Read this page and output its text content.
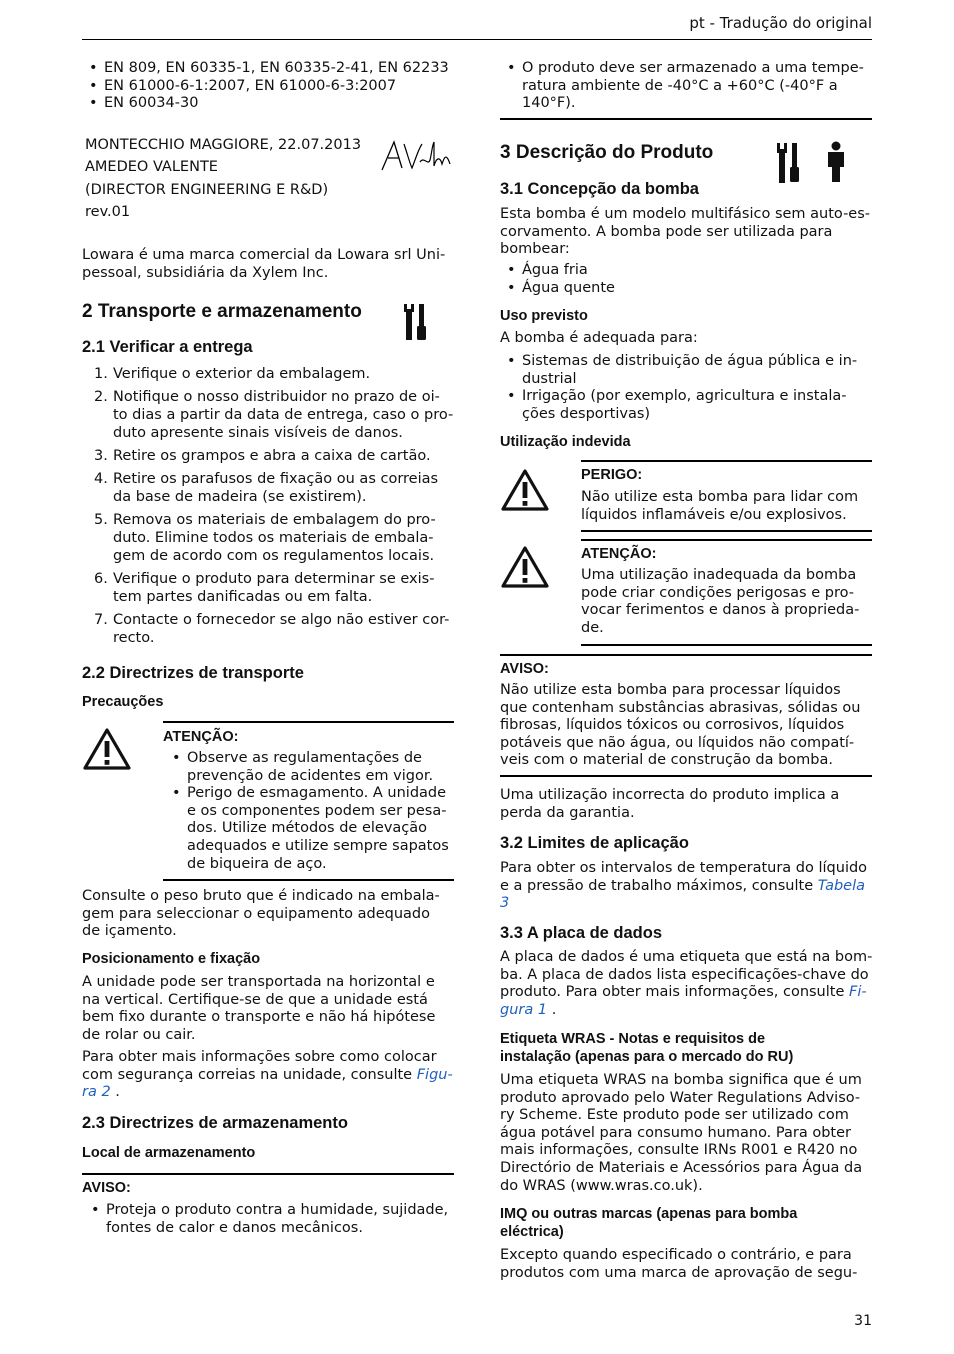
pt - Tradução do original
• EN 809, EN 60335-1, EN 60335-2-41, EN 62233
• EN 61000-6-1:2007, EN 61000-6-3:2007
• EN 60034-30
MONTECCHIO MAGGIORE, 22.07.2013
AMEDEO VALENTE
(DIRECTOR ENGINEERING E R&D)
rev.01
Lowara é uma marca comercial da Lowara srl Uni-
pessoal, subsidiária da Xylem Inc.
2 Transporte e armazenamento
2.1 Verificar a entrega
1. Verifique o exterior da embalagem.
2. Notifique o nosso distribuidor no prazo de oi-
to dias a partir da data de entrega, caso o pro-
duto apresente sinais visíveis de danos.
3. Retire os grampos e abra a caixa de cartão.
4. Retire os parafusos de fixação ou as correias
da base de madeira (se existirem).
5. Remova os materiais de embalagem do pro-
duto. Elimine todos os materiais de embala-
gem de acordo com os regulamentos locais.
6. Verifique o produto para determinar se exis-
tem partes danificadas ou em falta.
7. Contacte o fornecedor se algo não estiver cor-
recto.
2.2 Directrizes de transporte
Precauções
ATENÇÃO:
• Observe as regulamentações de
prevenção de acidentes em vigor.
• Perigo de esmagamento. A unidade
e os componentes podem ser pesa-
dos. Utilize métodos de elevação
adequados e utilize sempre sapatos
de biqueira de aço.
Consulte o peso bruto que é indicado na embala-
gem para seleccionar o equipamento adequado
de içamento.
Posicionamento e fixação
A unidade pode ser transportada na horizontal e
na vertical. Certifique-se de que a unidade está
bem fixo durante o transporte e não há hipótese
de rolar ou cair.
Para obter mais informações sobre como colocar
com segurança correias na unidade, consulte Figu-
ra 2 .
2.3 Directrizes de armazenamento
Local de armazenamento
AVISO:
• Proteja o produto contra a humidade, sujidade,
fontes de calor e danos mecânicos.
• O produto deve ser armazenado a uma tempe-
ratura ambiente de -40°C a +60°C (-40°F a
140°F).
3 Descrição do Produto
3.1 Concepção da bomba
Esta bomba é um modelo multifásico sem auto-es-
corvamento. A bomba pode ser utilizada para
bombear:
• Água fria
• Água quente
Uso previsto
A bomba é adequada para:
• Sistemas de distribuição de água pública e in-
dustrial
• Irrigação (por exemplo, agricultura e instala-
ções desportivas)
Utilização indevida
PERIGO:
Não utilize esta bomba para lidar com
líquidos inflamáveis e/ou explosivos.
ATENÇÃO:
Uma utilização inadequada da bomba
pode criar condições perigosas e pro-
vocar ferimentos e danos à proprieda-
de.
AVISO:
Não utilize esta bomba para processar líquidos
que contenham substâncias abrasivas, sólidas ou
fibrosas, líquidos tóxicos ou corrosivos, líquidos
potáveis que não água, ou líquidos não compatí-
veis com o material de construção da bomba.
Uma utilização incorrecta do produto implica a
perda da garantia.
3.2 Limites de aplicação
Para obter os intervalos de temperatura do líquido
e a pressão de trabalho máximos, consulte Tabela
3
3.3 A placa de dados
A placa de dados é uma etiqueta que está na bom-
ba. A placa de dados lista especificações-chave do
produto. Para obter mais informações, consulte Fi-
gura 1 .
Etiqueta WRAS - Notas e requisitos de
instalação (apenas para o mercado do RU)
Uma etiqueta WRAS na bomba significa que é um
produto aprovado pelo Water Regulations Adviso-
ry Scheme. Este produto pode ser utilizado com
água potável para consumo humano. Para obter
mais informações, consulte IRNs R001 e R420 no
Directório de Materiais e Acessórios para Água da
do WRAS (www.wras.co.uk).
IMQ ou outras marcas (apenas para bomba
eléctrica)
Excepto quando especificado o contrário, e para
produtos com uma marca de aprovação de segu-
31
